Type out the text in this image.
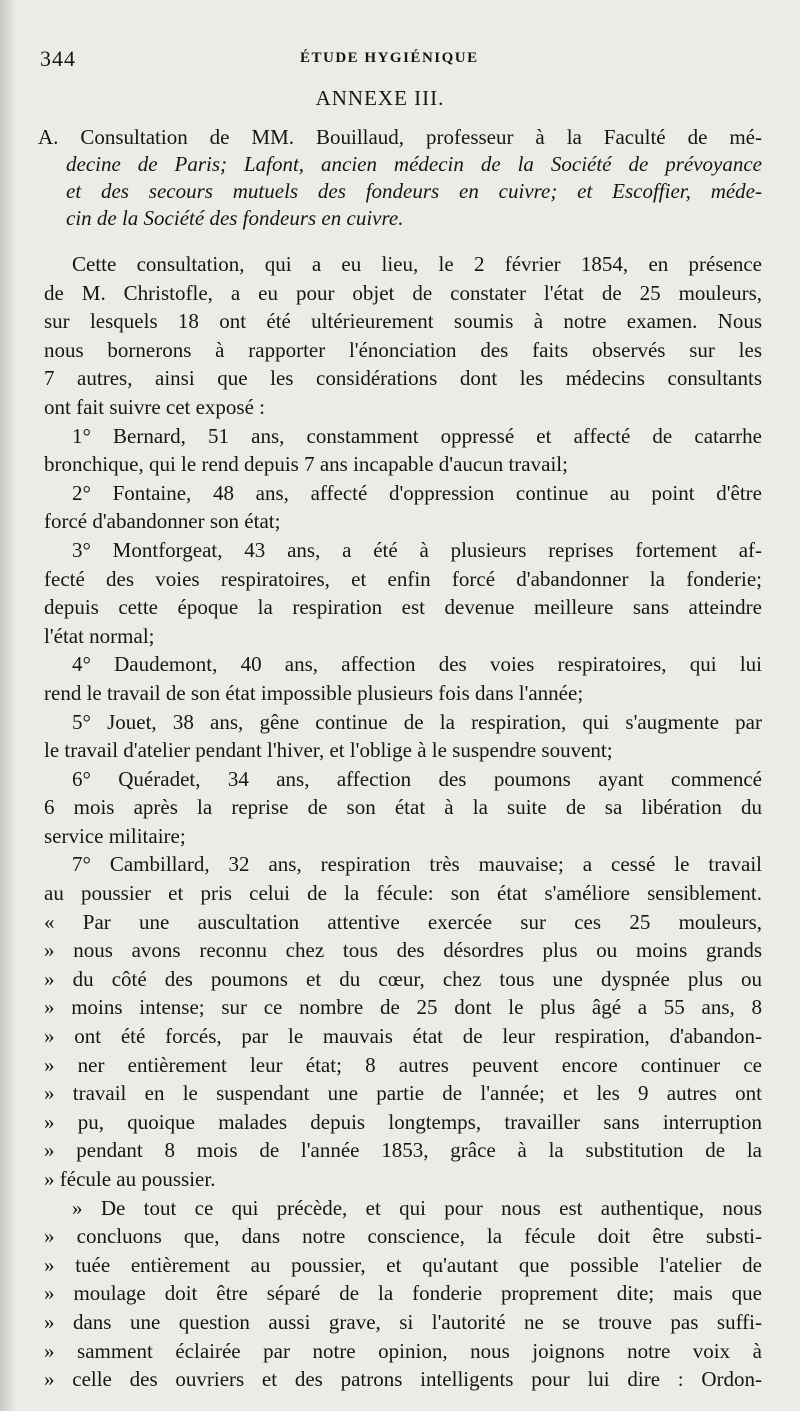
344	ÉTUDE HYGIÉNIQUE
ANNEXE III.
A. Consultation de MM. Bouillaud, professeur à la Faculté de mé-
decine de Paris; Lafont, ancien médecin de la Société de prévoyance
et des secours mutuels des fondeurs en cuivre; et Escoffier, méde-
cin de la Société des fondeurs en cuivre.
Cette consultation, qui a eu lieu, le 2 février 1854, en présence
de M. Christofle, a eu pour objet de constater l'état de 25 mouleurs,
sur lesquels 18 ont été ultérieurement soumis à notre examen. Nous
nous bornerons à rapporter l'énonciation des faits observés sur les
7 autres, ainsi que les considérations dont les médecins consultants
ont fait suivre cet exposé :
1° Bernard, 51 ans, constamment oppressé et affecté de catarrhe
bronchique, qui le rend depuis 7 ans incapable d'aucun travail;
2° Fontaine, 48 ans, affecté d'oppression continue au point d'être
forcé d'abandonner son état;
3° Montforgeat, 43 ans, a été à plusieurs reprises fortement af-
fecté des voies respiratoires, et enfin forcé d'abandonner la fonderie;
depuis cette époque la respiration est devenue meilleure sans atteindre
l'état normal;
4° Daudemont, 40 ans, affection des voies respiratoires, qui lui
rend le travail de son état impossible plusieurs fois dans l'année;
5° Jouet, 38 ans, gêne continue de la respiration, qui s'augmente par
le travail d'atelier pendant l'hiver, et l'oblige à le suspendre souvent;
6° Quéradet, 34 ans, affection des poumons ayant commencé
6 mois après la reprise de son état à la suite de sa libération du
service militaire;
7° Cambillard, 32 ans, respiration très mauvaise; a cessé le travail
au poussier et pris celui de la fécule: son état s'améliore sensiblement.
« Par une auscultation attentive exercée sur ces 25 mouleurs,
» nous avons reconnu chez tous des désordres plus ou moins grands
» du côté des poumons et du cœur, chez tous une dyspnée plus ou
» moins intense; sur ce nombre de 25 dont le plus âgé a 55 ans, 8
» ont été forcés, par le mauvais état de leur respiration, d'abandon-
» ner entièrement leur état; 8 autres peuvent encore continuer ce
» travail en le suspendant une partie de l'année; et les 9 autres ont
» pu, quoique malades depuis longtemps, travailler sans interruption
» pendant 8 mois de l'année 1853, grâce à la substitution de la
» fécule au poussier.
» De tout ce qui précède, et qui pour nous est authentique, nous
» concluons que, dans notre conscience, la fécule doit être substi-
» tuée entièrement au poussier, et qu'autant que possible l'atelier de
» moulage doit être séparé de la fonderie proprement dite; mais que
» dans une question aussi grave, si l'autorité ne se trouve pas suffi-
» samment éclairée par notre opinion, nous joignons notre voix à
» celle des ouvriers et des patrons intelligents pour lui dire : Ordon-
